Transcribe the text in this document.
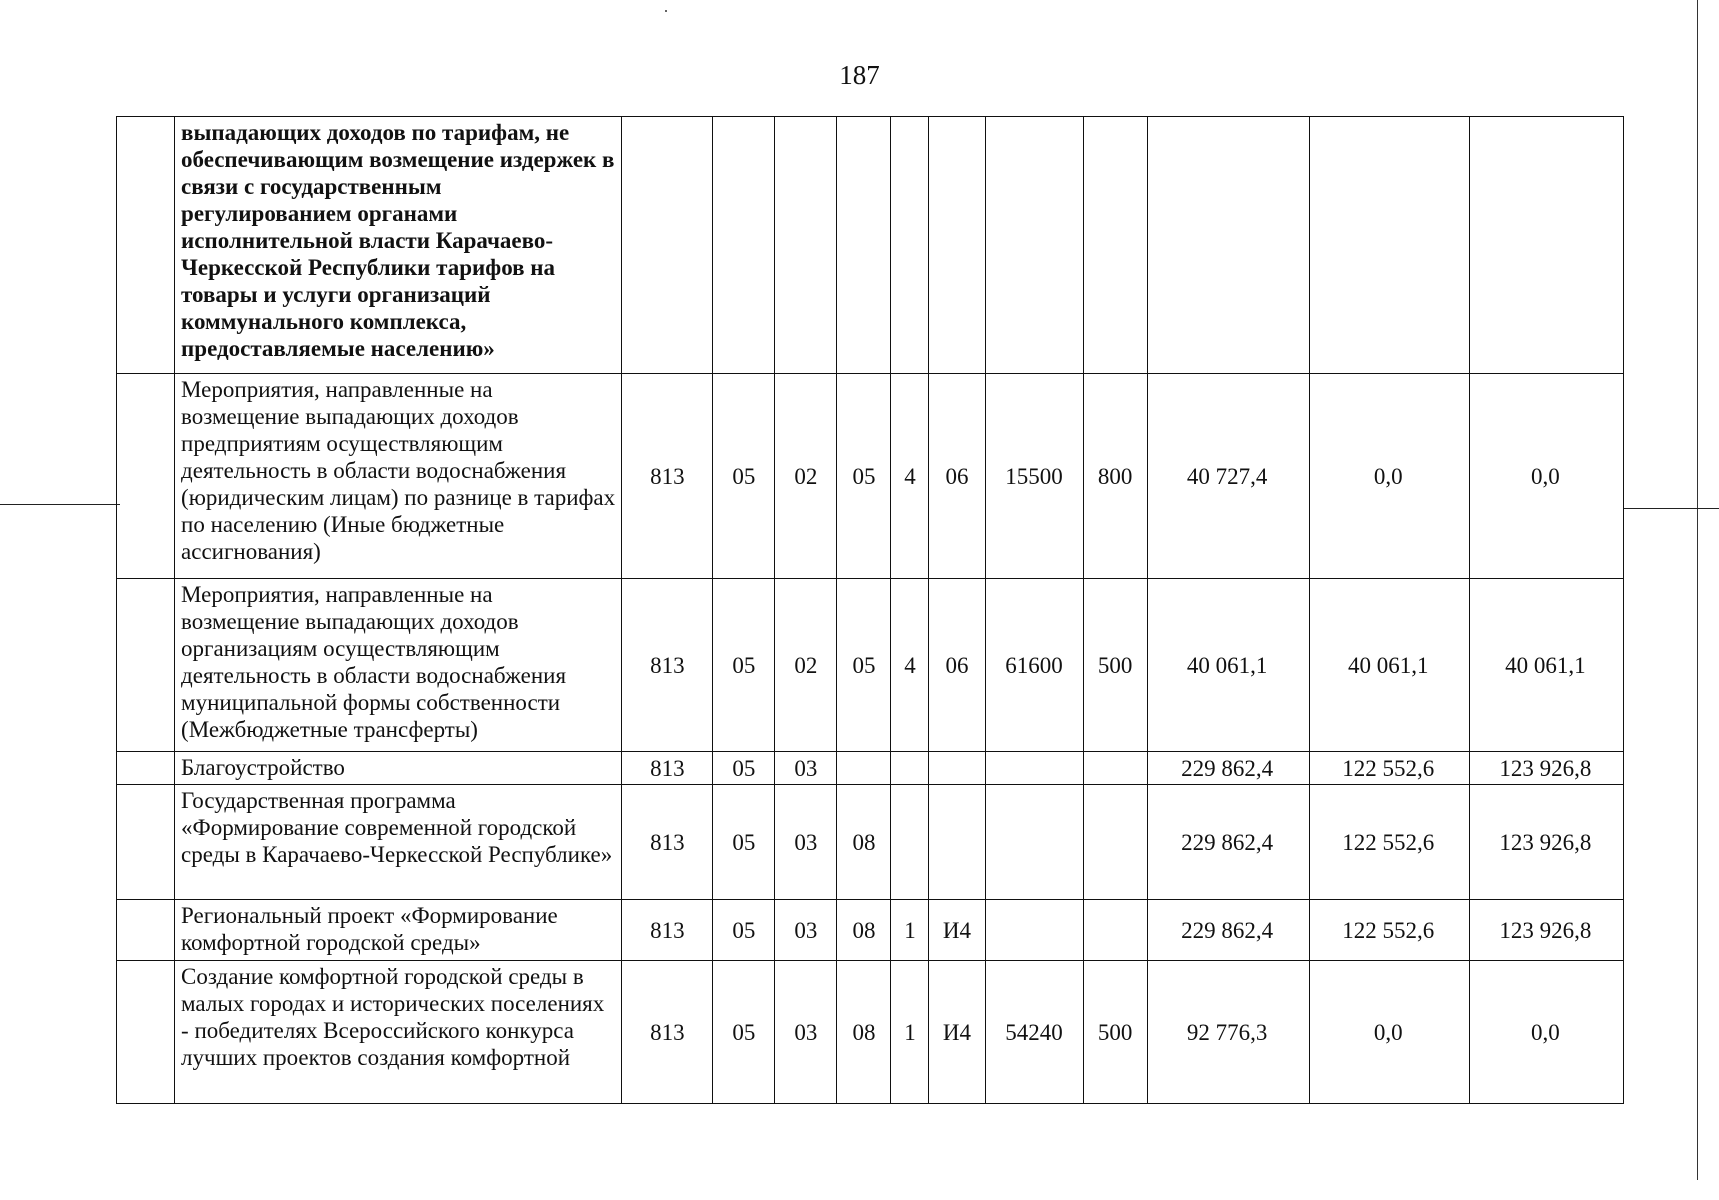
187
	выпадающих доходов по тарифам, не обеспечивающим возмещение издержек в связи с государственным регулированием органами исполнительной власти Карачаево-Черкесской Республики тарифов на товары и услуги организаций коммунального комплекса, предоставляемые населению»											
	Мероприятия, направленные на возмещение выпадающих доходов предприятиям осуществляющим деятельность в области водоснабжения (юридическим лицам) по разнице в тарифах по населению (Иные бюджетные ассигнования)	813	05	02	05	4	06	15500	800	40 727,4	0,0	0,0
	Мероприятия, направленные на возмещение выпадающих доходов организациям осуществляющим деятельность в области водоснабжения муниципальной формы собственности (Межбюджетные трансферты)	813	05	02	05	4	06	61600	500	40 061,1	40 061,1	40 061,1
	Благоустройство	813	05	03						229 862,4	122 552,6	123 926,8
	Государственная программа «Формирование современной городской среды в Карачаево-Черкесской Республике»	813	05	03	08					229 862,4	122 552,6	123 926,8
	Региональный проект «Формирование комфортной городской среды»	813	05	03	08	1	И4			229 862,4	122 552,6	123 926,8
	Создание комфортной городской среды в малых городах и исторических поселениях - победителях Всероссийского конкурса лучших проектов создания комфортной	813	05	03	08	1	И4	54240	500	92 776,3	0,0	0,0
